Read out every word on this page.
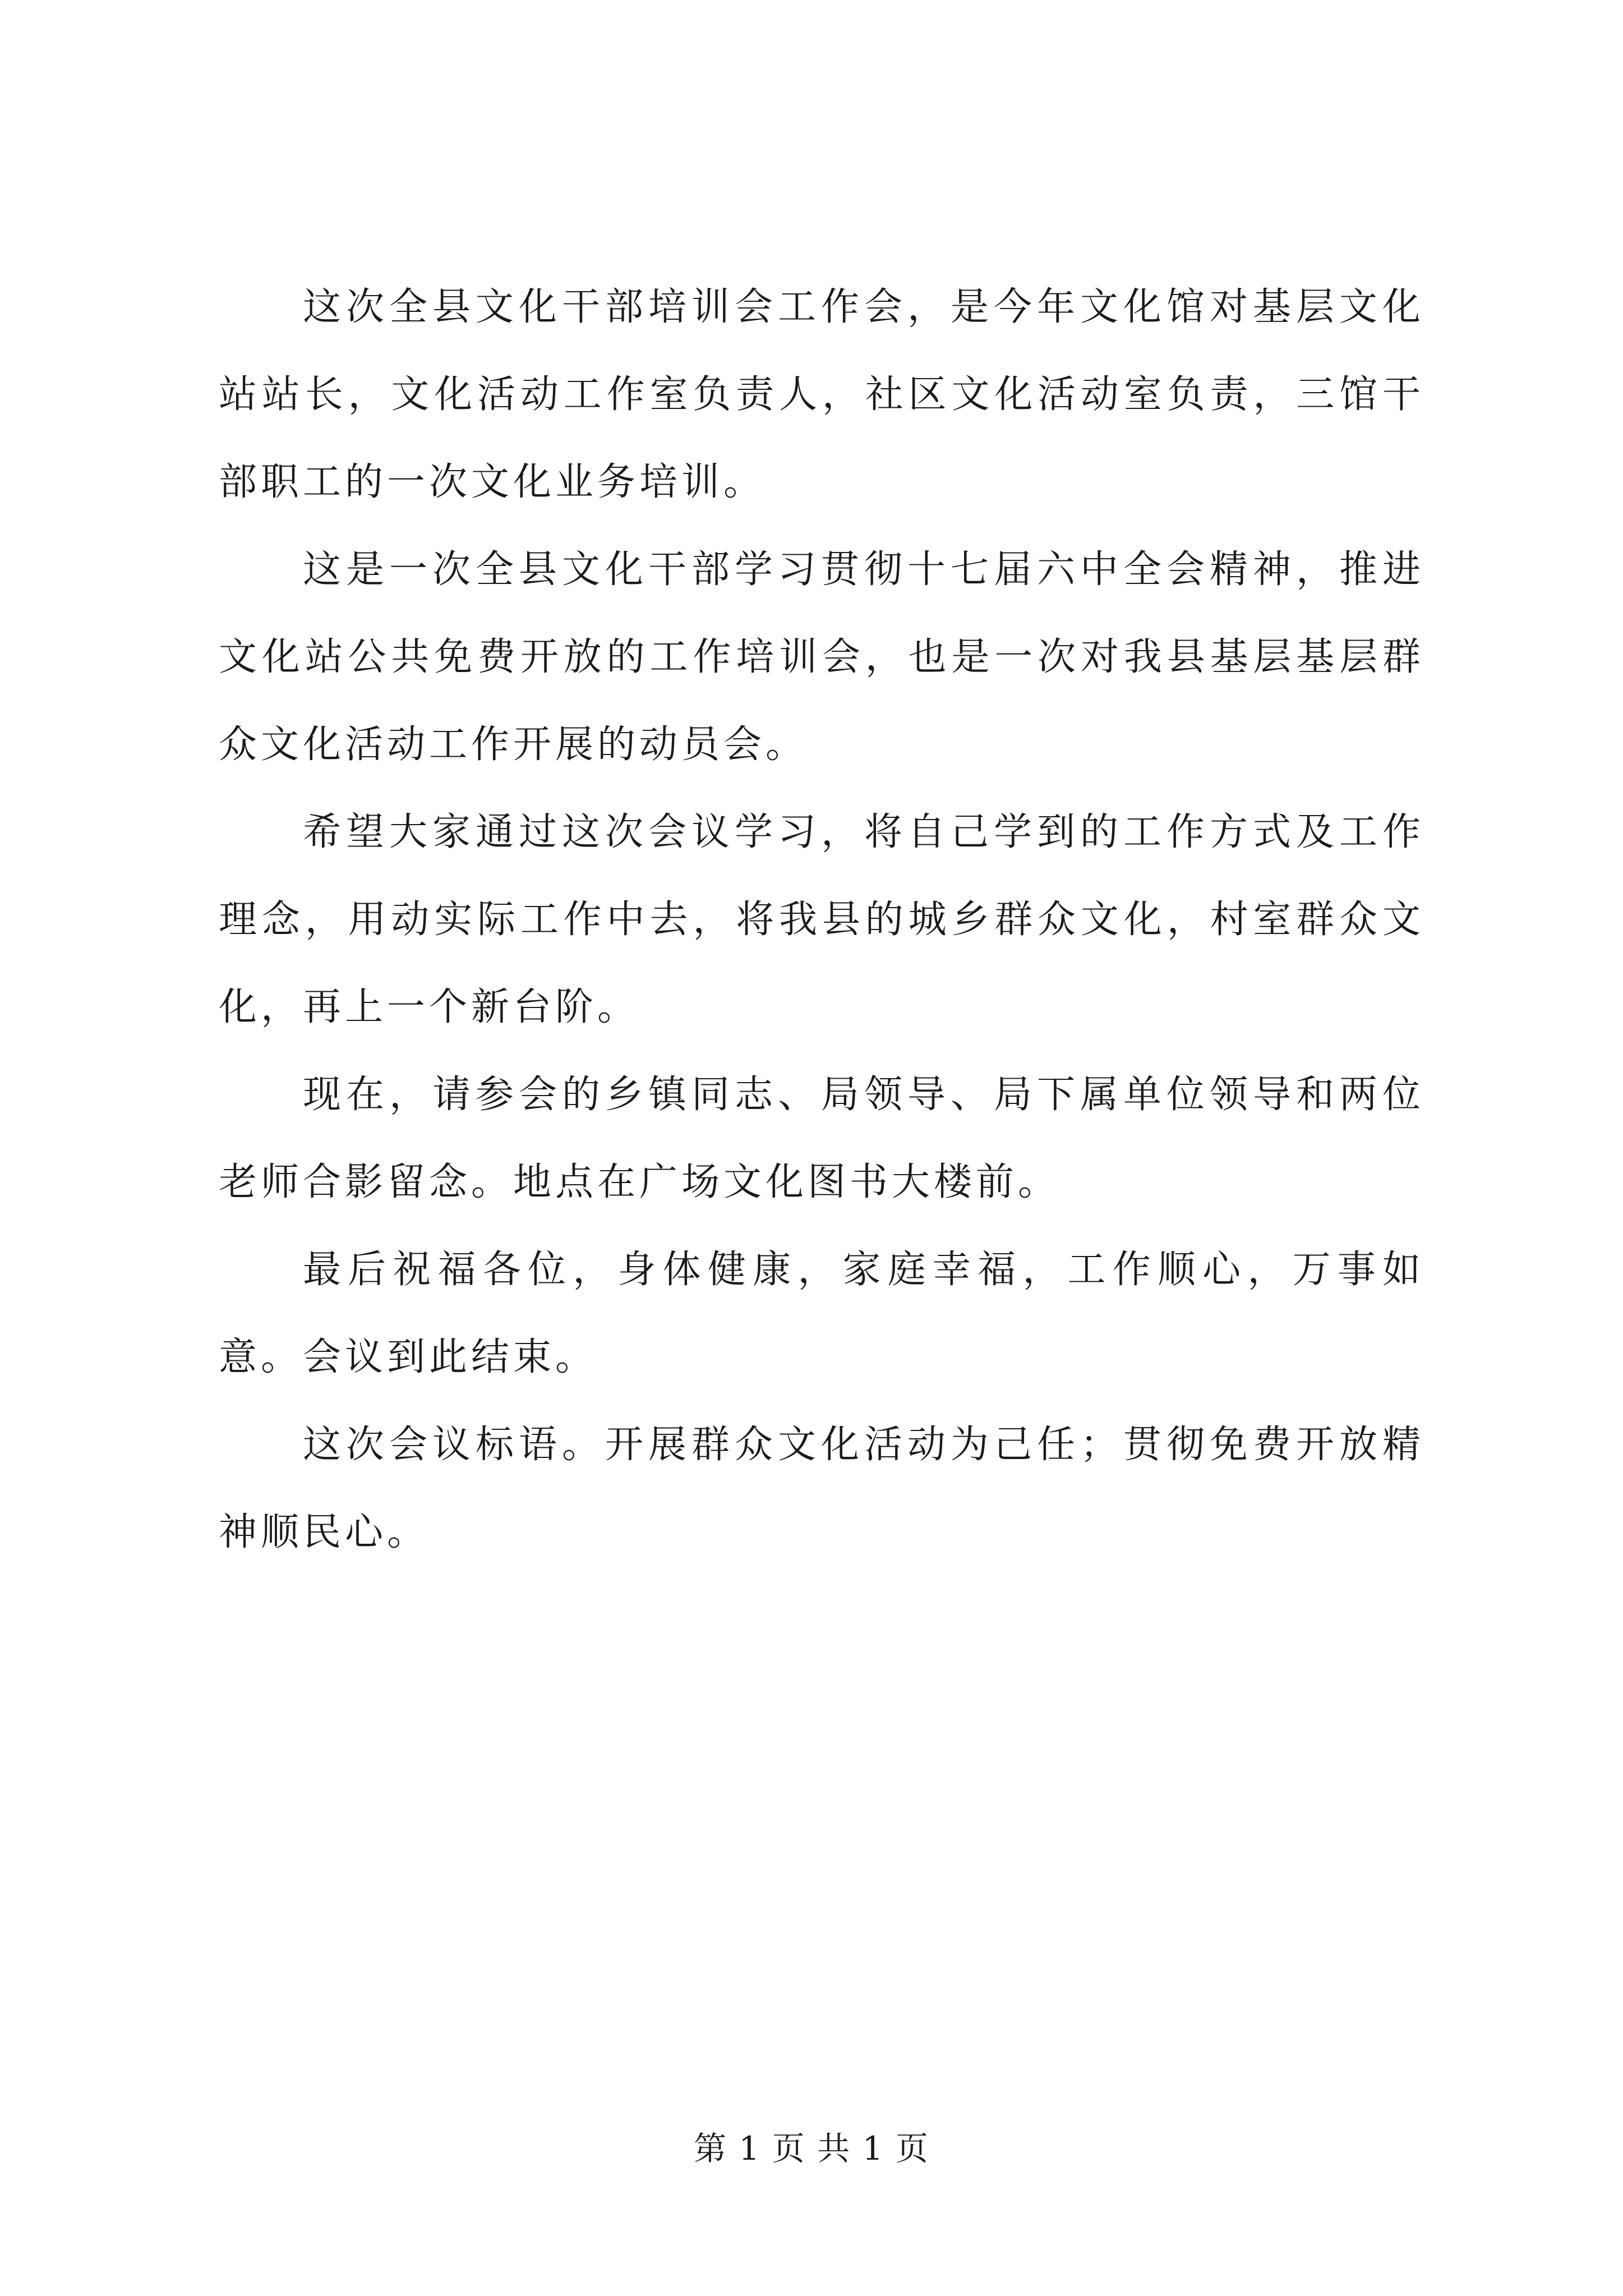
这次全县文化干部培训会工作会，是今年文化馆对基层文化站站长，文化活动工作室负责人，社区文化活动室负责，三馆干部职工的一次文化业务培训。

这是一次全县文化干部学习贯彻十七届六中全会精神，推进文化站公共免费开放的工作培训会，也是一次对我县基层基层群众文化活动工作开展的动员会。

希望大家通过这次会议学习，将自己学到的工作方式及工作理念，用动实际工作中去，将我县的城乡群众文化，村室群众文化，再上一个新台阶。

现在，请参会的乡镇同志、局领导、局下属单位领导和两位老师合影留念。地点在广场文化图书大楼前。

最后祝福各位，身体健康，家庭幸福，工作顺心，万事如意。会议到此结束。

这次会议标语。开展群众文化活动为己任；贯彻免费开放精神顺民心。

第 1 页 共 1 页
